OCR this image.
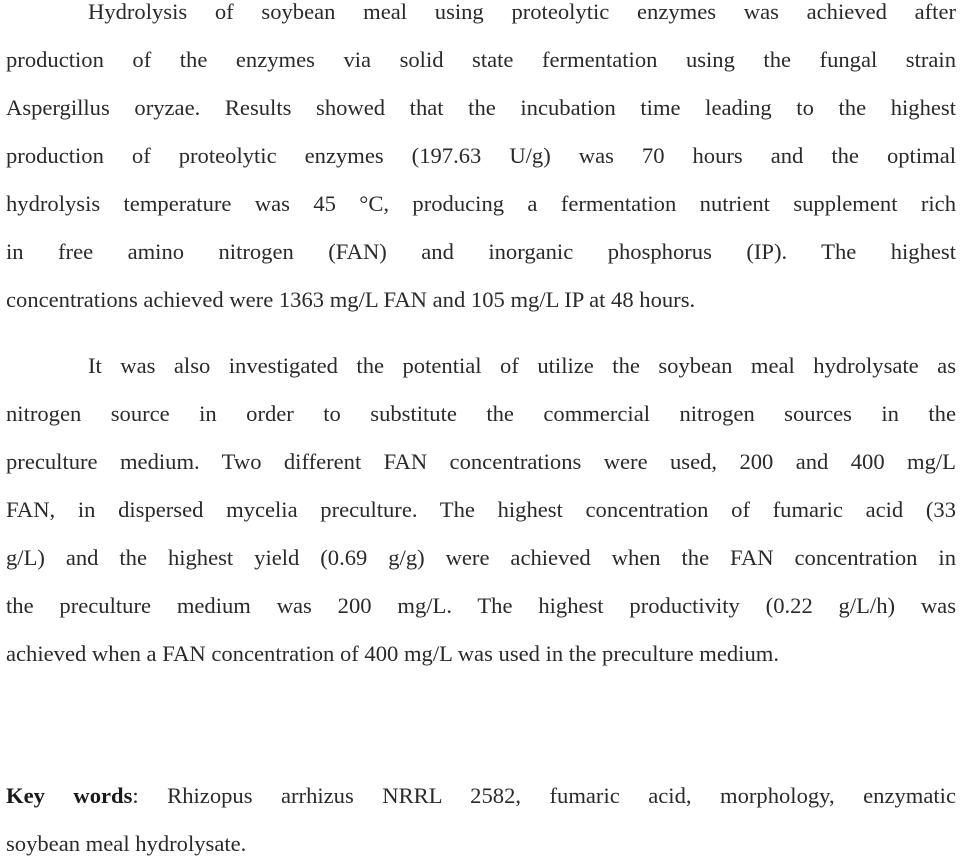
Hydrolysis of soybean meal using proteolytic enzymes was achieved after
production of the enzymes via solid state fermentation using the fungal strain
Aspergillus oryzae. Results showed that the incubation time leading to the highest
production of proteolytic enzymes (197.63 U/g) was 70 hours and the optimal
hydrolysis temperature was 45 °C, producing a fermentation nutrient supplement rich
in free amino nitrogen (FAN) and inorganic phosphorus (IP). The highest
concentrations achieved were 1363 mg/L FAN and 105 mg/L IP at 48 hours.
It was also investigated the potential of utilize the soybean meal hydrolysate as
nitrogen source in order to substitute the commercial nitrogen sources in the
preculture medium. Two different FAN concentrations were used, 200 and 400 mg/L
FAN, in dispersed mycelia preculture. The highest concentration of fumaric acid (33
g/L) and the highest yield (0.69 g/g) were achieved when the FAN concentration in
the preculture medium was 200 mg/L. The highest productivity (0.22 g/L/h) was
achieved when a FAN concentration of 400 mg/L was used in the preculture medium.
Key words: Rhizopus arrhizus NRRL 2582, fumaric acid, morphology, enzymatic
soybean meal hydrolysate.
